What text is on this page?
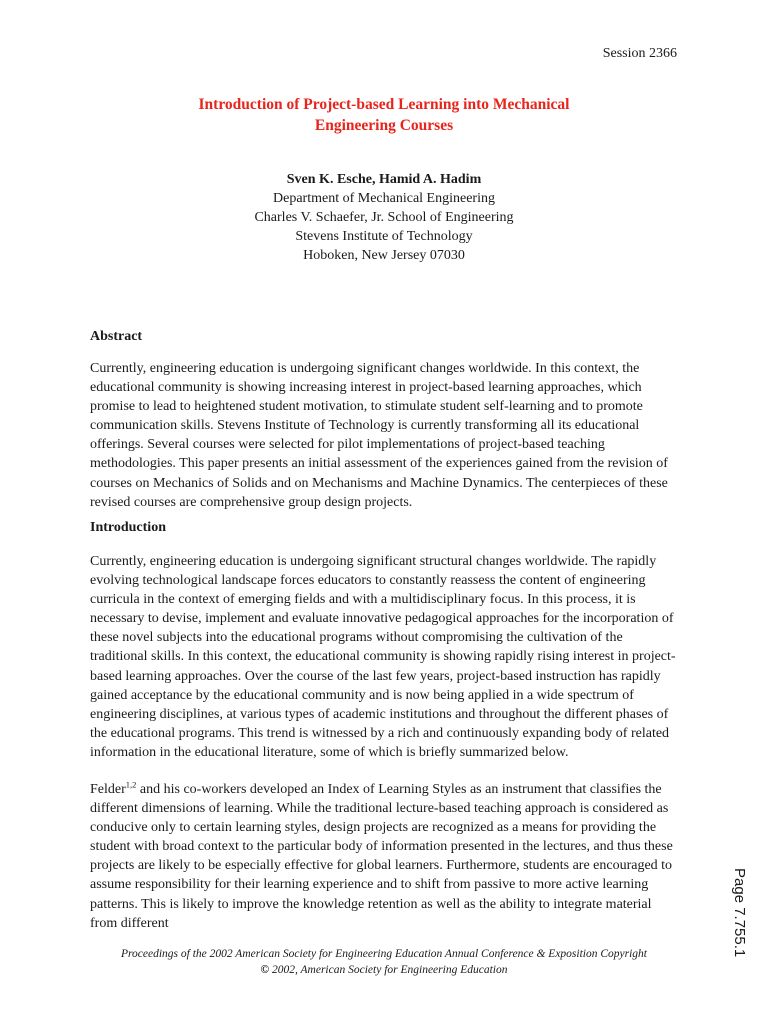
Session 2366
Introduction of Project-based Learning into Mechanical
Engineering Courses
Sven K. Esche, Hamid A. Hadim
Department of Mechanical Engineering
Charles V. Schaefer, Jr. School of Engineering
Stevens Institute of Technology
Hoboken, New Jersey 07030
Abstract
Currently, engineering education is undergoing significant changes worldwide. In this context, the educational community is showing increasing interest in project-based learning approaches, which promise to lead to heightened student motivation, to stimulate student self-learning and to promote communication skills. Stevens Institute of Technology is currently transforming all its educational offerings. Several courses were selected for pilot implementations of project-based teaching methodologies. This paper presents an initial assessment of the experiences gained from the revision of courses on Mechanics of Solids and on Mechanisms and Machine Dynamics. The centerpieces of these revised courses are comprehensive group design projects.
Introduction
Currently, engineering education is undergoing significant structural changes worldwide. The rapidly evolving technological landscape forces educators to constantly reassess the content of engineering curricula in the context of emerging fields and with a multidisciplinary focus. In this process, it is necessary to devise, implement and evaluate innovative pedagogical approaches for the incorporation of these novel subjects into the educational programs without compromising the cultivation of the traditional skills. In this context, the educational community is showing rapidly rising interest in project-based learning approaches. Over the course of the last few years, project-based instruction has rapidly gained acceptance by the educational community and is now being applied in a wide spectrum of engineering disciplines, at various types of academic institutions and throughout the different phases of the educational programs. This trend is witnessed by a rich and continuously expanding body of related information in the educational literature, some of which is briefly summarized below.
Felder$^{1,2}$ and his co-workers developed an Index of Learning Styles as an instrument that classifies the different dimensions of learning. While the traditional lecture-based teaching approach is considered as conducive only to certain learning styles, design projects are recognized as a means for providing the student with broad context to the particular body of information presented in the lectures, and thus these projects are likely to be especially effective for global learners. Furthermore, students are encouraged to assume responsibility for their learning experience and to shift from passive to more active learning patterns. This is likely to improve the knowledge retention as well as the ability to integrate material from different
Proceedings of the 2002 American Society for Engineering Education Annual Conference & Exposition Copyright
© 2002, American Society for Engineering Education
Page 7.755.1
